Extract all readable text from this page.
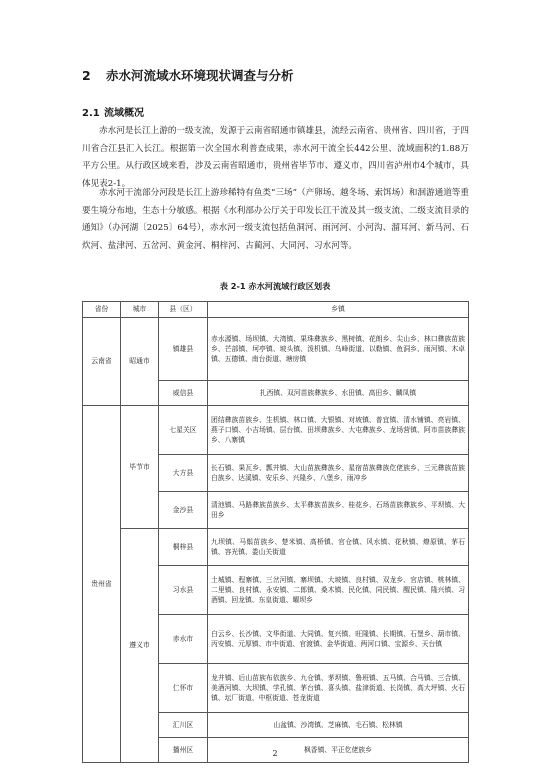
2 赤水河流域水环境现状调查与分析
2.1 流域概况

赤水河是长江上游的一级支流，发源于云南省昭通市镇雄县，流经云南省、贵州省、四川省，于四川省合江县汇入长江。根据第一次全国水利普查成果，赤水河干流全长442公里、流域面积约1.88万平方公里。从行政区域来看，涉及云南省昭通市，贵州省毕节市、遵义市，四川省泸州市4个城市，具体见表2-1。

赤水河干流部分河段是长江上游珍稀特有鱼类“三场”（产卵场、越冬场、索饵场）和洄游通道等重要生境分布地，生态十分敏感。根据《水利部办公厅关于印发长江干流及其一级支流、二级支流目录的通知》（办河湖〔2025〕64号），赤水河一级支流包括鱼洞河、雨河河、小河沟、溜耳河、新马河、石炊河、盐津河、五岔河、黄金河、桐梓河、古蔺河、大同河、习水河等。

表 2-1 赤水河流域行政区划表
省份	城市	县（区）	乡镇
云南省	昭通市	镇雄县	赤水源镇、场坝镇、大湾镇、果珠彝族乡、黑树镇、花朗乡、尖山乡、林口彝族苗族乡、芒部镇、坷亭镇、坡头镇、泼机镇、乌峰街道、以勒镇、鱼洞乡、雨河镇、木卓镇、五德镇、南台街道、塘房镇
		威信县	扎西镇、双河苗族彝族乡、水田镇、高田乡、麟凤镇
贵州省	毕节市	七星关区	团结彝族苗族乡、生机镇、林口镇、大银镇、对坡镇、普宜镇、清水铺镇、亮岩镇、燕子口镇、小吉场镇、层台镇、田坝彝族乡、大屯彝族乡、龙场营镇、阿市苗族彝族乡、八寨镇
		大方县	长石镇、果瓦乡、瓢井镇、大山苗族彝族乡、星宿苗族彝族仡佬族乡、三元彝族苗族白族乡、达溪镇、安乐乡、兴隆乡、八堡乡、雨冲乡
		金沙县	清池镇、马路彝族苗族乡、太平彝族苗族乡、桂花乡、石场苗族彝族乡、平坝镇、大田乡
	遵义市	桐梓县	九坝镇、马鬃苗族乡、楚米镇、高桥镇、官仓镇、风水镇、花秋镇、燎原镇、茅石镇、容光镇、娄山关街道
		习水县	土城镇、程寨镇、三岔河镇、寨坝镇、大坡镇、良村镇、双龙乡、官店镇、桃林镇、二里镇、良村镇、永安镇、二郎镇、桑木镇、民化镇、同民镇、醒民镇、隆兴镇、习酒镇、回龙镇、东皇街道、曜坝乡
		赤水市	白云乡、长沙镇、文华街道、大同镇、复兴镇、旺隆镇、长期镇、石堡乡、葫市镇、丙安镇、元厚镇、市中街道、官渡镇、金华街道、两河口镇、宝源乡、天台镇
		仁怀市	龙井镇、后山苗族布依族乡、九仓镇、茅坝镇、鲁班镇、五马镇、合马镇、三合镇、美酒河镇、大坝镇、学孔镇、茅台镇、喜头镇、盐津街道、长岗镇、高大坪镇、火石镇、坛厂街道、中枢街道、苍龙街道
		汇川区	山盆镇、沙湾镇、芝麻镇、毛石镇、松林镇
		播州区	枫香镇、平正仡佬族乡
2
